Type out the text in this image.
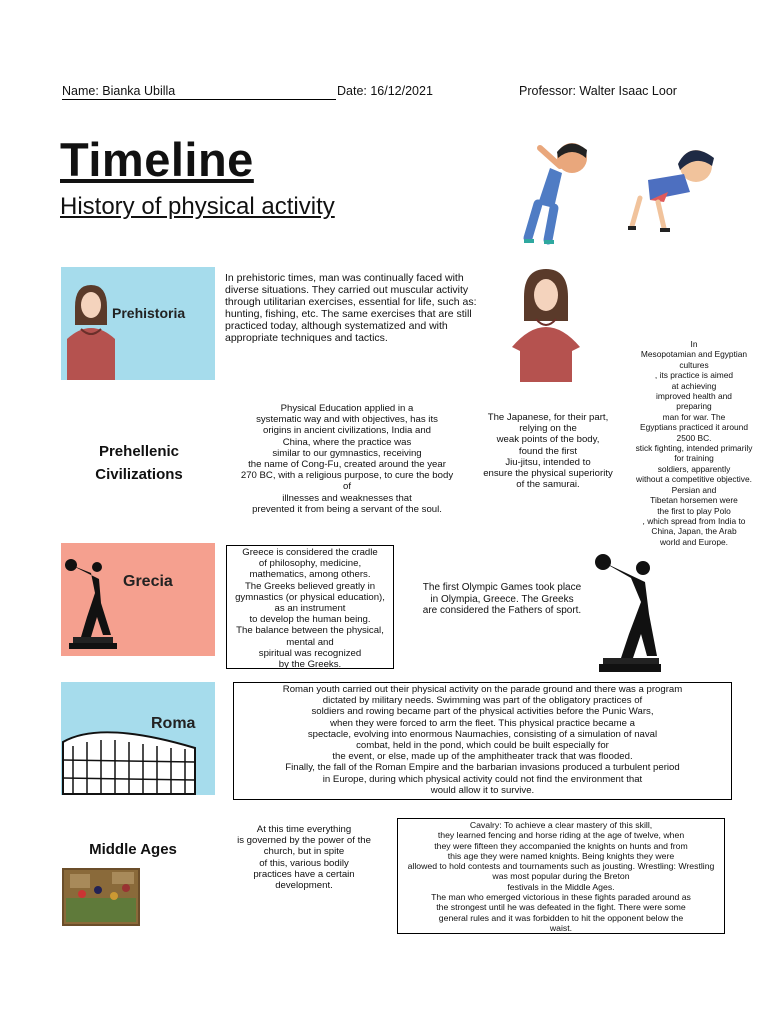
Name: Bianka Ubilla	Date: 16/12/2021	Professor: Walter Isaac Loor
Timeline
History of physical activity
Prehistoria
In prehistoric times, man was continually faced with diverse situations. They carried out muscular activity through utilitarian exercises, essential for life, such as: hunting, fishing, etc. The same exercises that are still practiced today, although systematized and with appropriate techniques and tactics.	In
Mesopotamian and Egyptian
cultures
, its practice is aimed
at achieving
improved health and
preparing
man for war. The
Egyptians practiced it around
2500 BC.
stick fighting, intended primarily
for training
soldiers, apparently
without a competitive objective.
Persian and
Tibetan horsemen were
the first to play Polo
, which spread from India to
China, Japan, the Arab
world and Europe.
Prehellenic
Civilizations
Physical Education applied in a
systematic way and with objectives, has its
origins in ancient civilizations, India and
China, where the practice was
similar to our gymnastics, receiving
the name of Cong-Fu, created around the year
270 BC, with a religious purpose, to cure the body
of
illnesses and weaknesses that
prevented it from being a servant of the soul.
The Japanese, for their part,
relying on the
weak points of the body,
found the first
Jiu-jitsu, intended to
ensure the physical superiority
of the samurai.
Grecia
Greece is considered the cradle
of philosophy, medicine,
mathematics, among others.
The Greeks believed greatly in
gymnastics (or physical education),
as an instrument
to develop the human being.
The balance between the physical,
mental and
spiritual was recognized
by the Greeks.
The first Olympic Games took place
in Olympia, Greece. The Greeks
are considered the Fathers of sport.
Roma
Roman youth carried out their physical activity on the parade ground and there was a program
dictated by military needs. Swimming was part of the obligatory practices of
soldiers and rowing became part of the physical activities before the Punic Wars,
when they were forced to arm the fleet. This physical practice became a
spectacle, evolving into enormous Naumachies, consisting of a simulation of naval
combat, held in the pond, which could be built especially for
the event, or else, made up of the amphitheater track that was flooded.
Finally, the fall of the Roman Empire and the barbarian invasions produced a turbulent period
in Europe, during which physical activity could not find the environment that
would allow it to survive.
Middle Ages
At this time everything
is governed by the power of the
church, but in spite
of this, various bodily
practices have a certain
development.
Cavalry: To achieve a clear mastery of this skill,
they learned fencing and horse riding at the age of twelve, when
they were fifteen they accompanied the knights on hunts and from
this age they were named knights. Being knights they were
allowed to hold contests and tournaments such as jousting. Wrestling: Wrestling
was most popular during the Breton
festivals in the Middle Ages.
The man who emerged victorious in these fights paraded around as
the strongest until he was defeated in the fight. There were some
general rules and it was forbidden to hit the opponent below the
waist.
